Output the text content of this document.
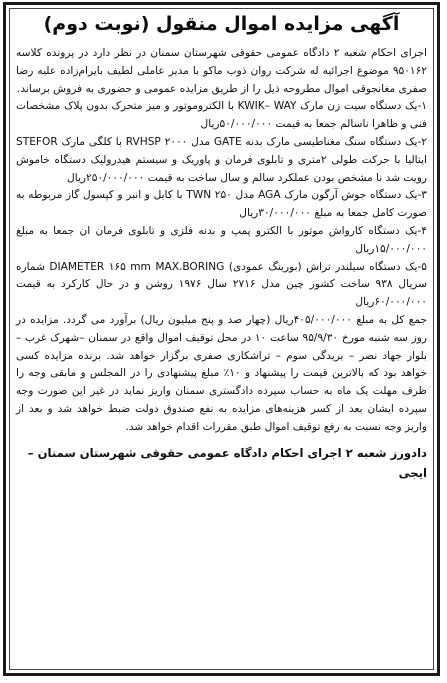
آگهی مزایده اموال منقول (نوبت دوم)

اجرای احکام شعبه ۲ دادگاه عمومی حقوقی شهرستان سمنان در نظر دارد در پرونده کلاسه ۹۵۰۱۶۲ موضوع اجرائیه له شرکت روان ذوب ماکو با مدیر عاملی لطیف بایرام‌زاده علیه رضا صفری مغانجوقی اموال مطروحه ذیل را از طریق مزایده عمومی و حضوری به فروش برساند.

۱-یک دستگاه سیت زن مارک KWIK– WAY با الکتروموتور و میز متحرک بدون پلاک مشخصات فنی و ظاهرا ناسالم جمعا به قیمت ۵۰/۰۰۰/۰۰۰ریال

۲-یک دستگاه سنگ مغناطیسی مارک بدنه GATE مدل ۲۰۰۰ RVHSP با کلگی مارک STEFOR ایتالیا با حرکت طولی ۲متری و تابلوی فرمان و پاوریک و سیستم هیدرولیک دستگاه خاموش رویت شد نا مشخص بودن عملکرد سالم و سال ساخت به قیمت ۲۵۰/۰۰۰/۰۰۰ریال

۳-یک دستگاه جوش آرگون مارک AGA مدل ۲۵۰ TWN با کابل و انبر و کپسول گاز مربوطه به صورت کامل جمعا به مبلغ ۳۰/۰۰۰/۰۰۰ریال

۴-یک دستگاه کارواش موتور با الکترو پمپ و بدنه فلزی و تابلوی فرمان ان جمعا به مبلغ ۱۵/۰۰۰/۰۰۰ریال

۵-یک دستگاه سیلندر تراش (بورینگ عمودی) DIAMETER ۱۶۵ mm MAX.BORING شماره سریال ۹۳۸ ساخت کشور چین مدل ۲۷۱۶ سال ۱۹۷۶ روشن و در حال کارکرد به قیمت ۶۰/۰۰۰/۰۰۰ریال

جمع کل به مبلغ ۴۰۵/۰۰۰/۰۰۰ریال (چهار صد و پنج میلیون ریال) برآورد می گردد. مزایده در روز سه شنبه مورخ ۹۵/۹/۳۰ ساعت ۱۰ در محل توقیف اموال واقع در سمنان –شهرک غرب – بلوار جهاد نصر – بریدگی سوم – تراشکاری صفری برگزار خواهد شد. برنده مزایده کسی خواهد بود که بالاترین قیمت را پیشنهاد و ۱۰٪ مبلغ پیشنهادی را در المجلس و مابقی وجه را ظرف مهلت یک ماه به حساب سپرده دادگستری سمنان واریز نماید در غیر این صورت وجه سپرده ایشان بعد از کسر هزینه‌های مزایده به نفع صندوق دولت ضبط خواهد شد و بعد از واریز وجه نسبت به رفع توقیف اموال طبق مقررات اقدام خواهد شد.

دادورز شعبه ۲ اجرای احکام دادگاه عمومی حقوقی شهرستان سمنان – ایجی
